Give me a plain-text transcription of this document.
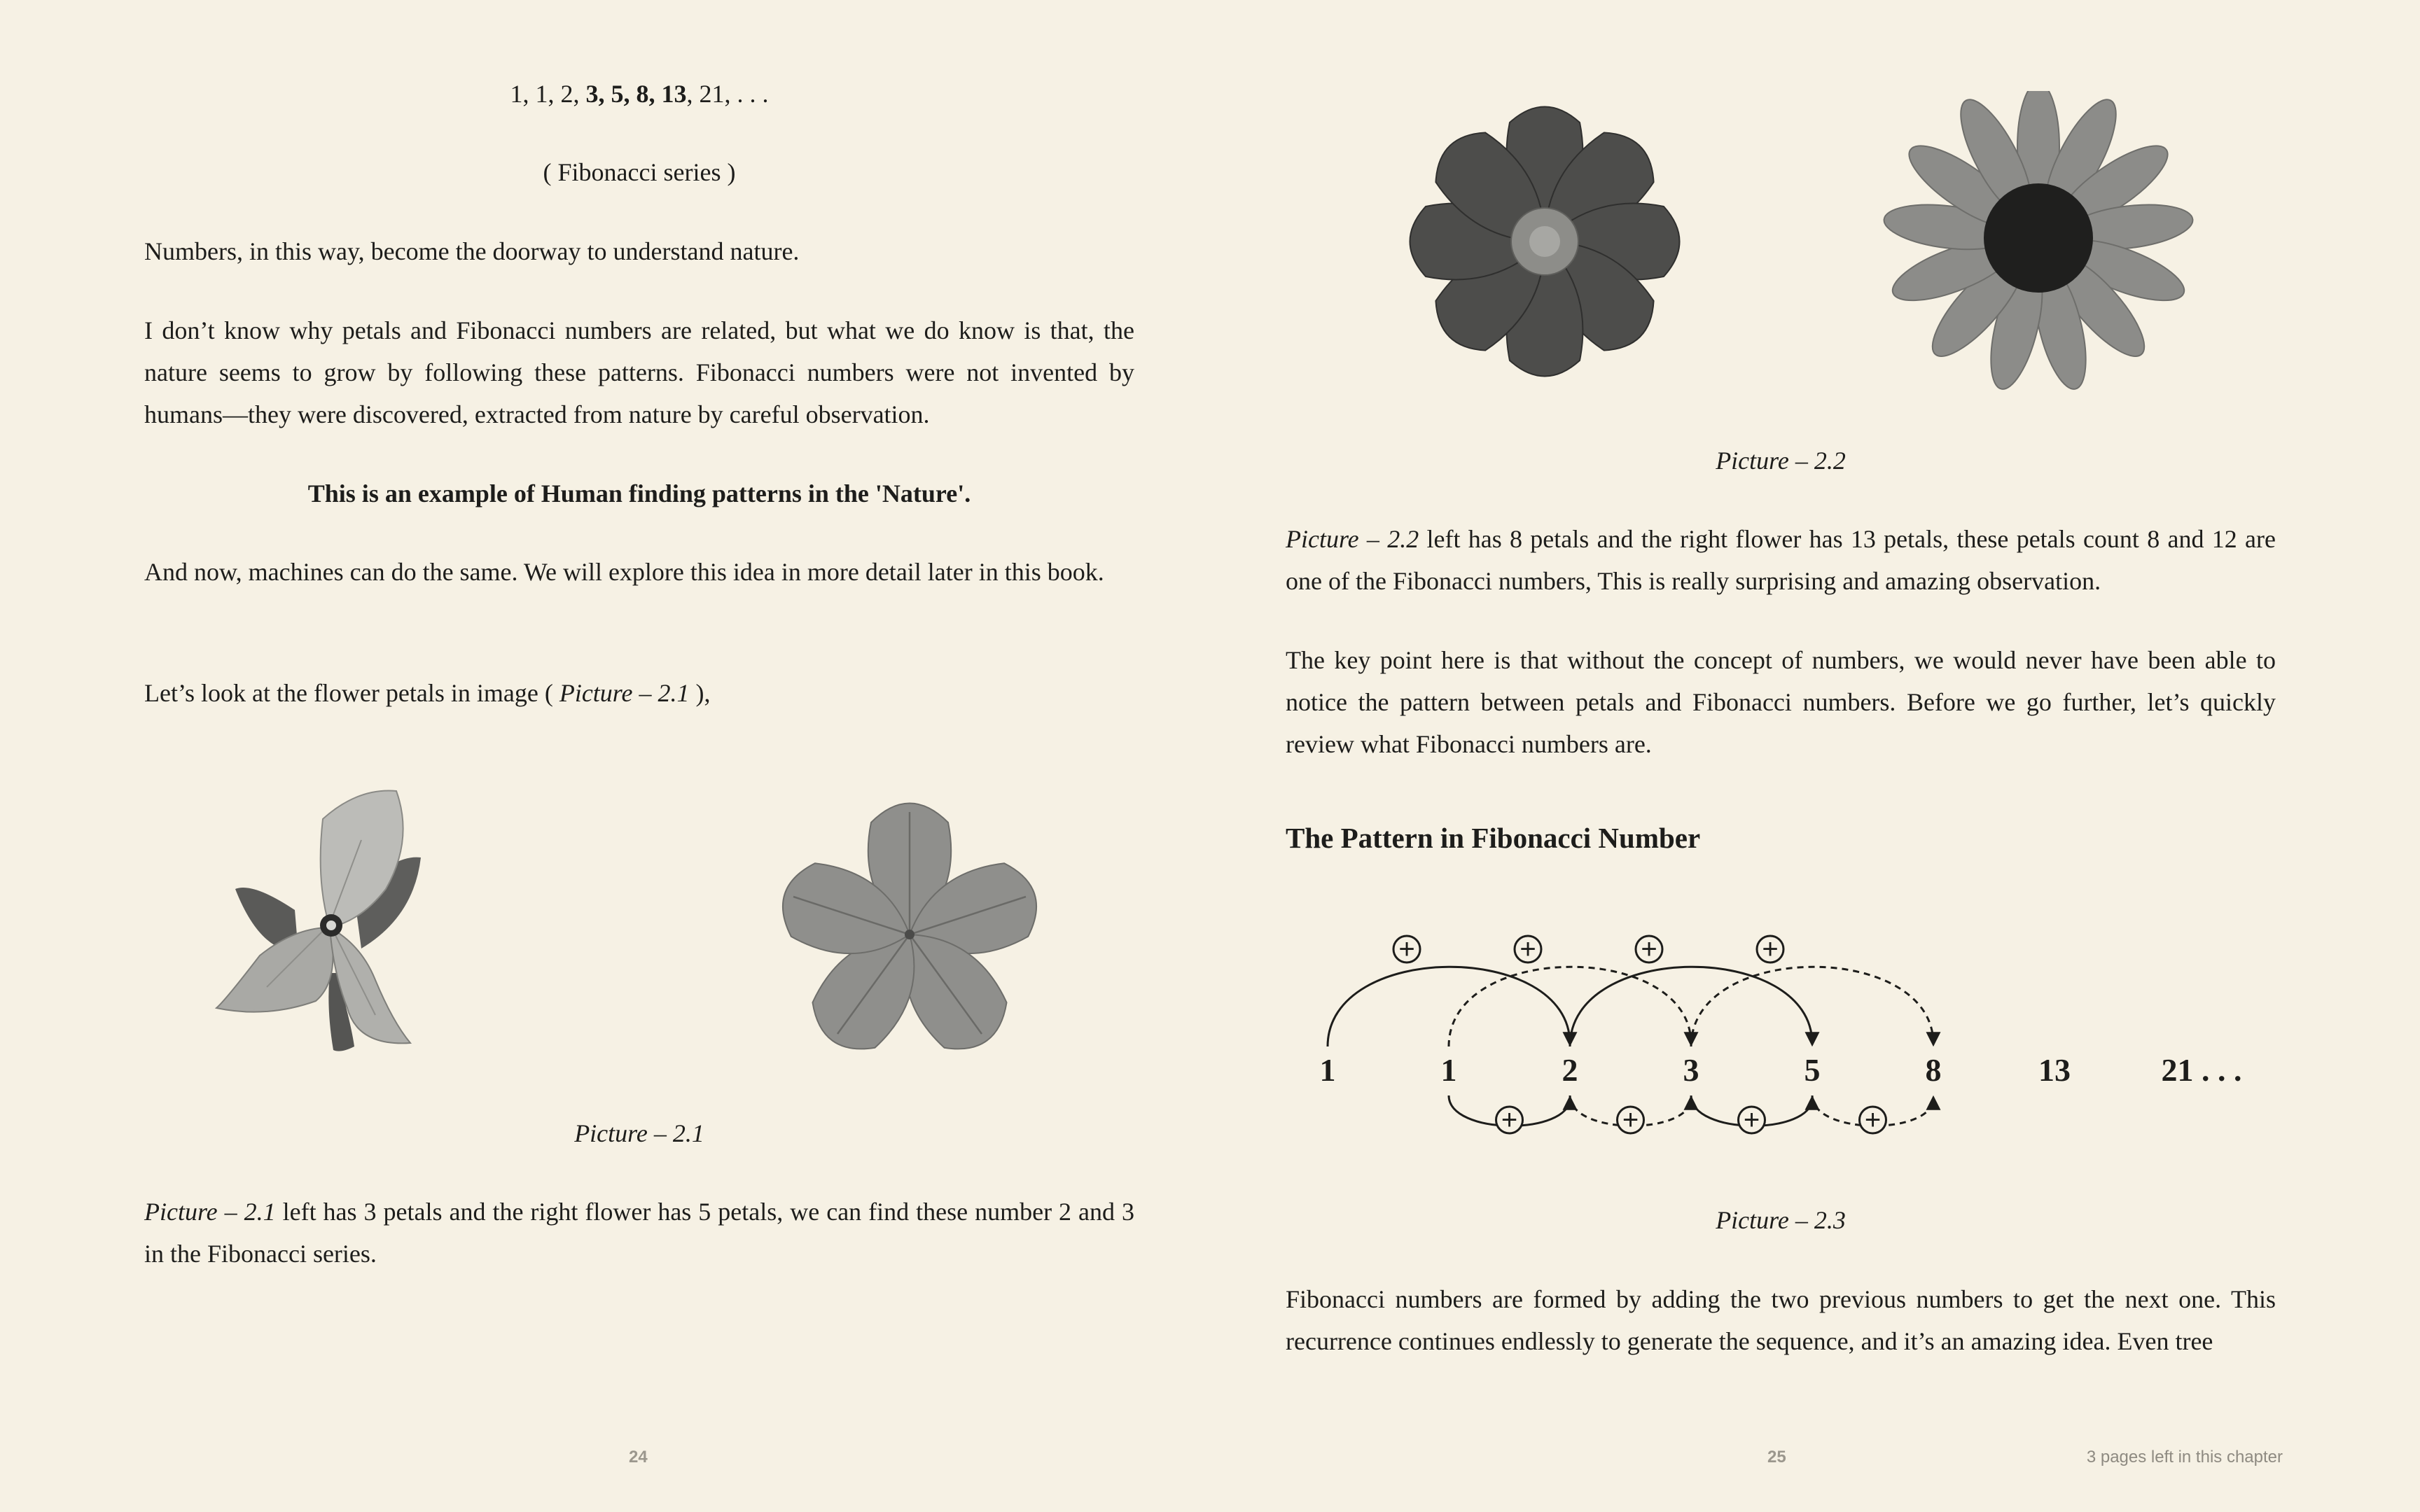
1, 1, 2, 3, 5, 8, 13, 21, . . .

( Fibonacci series )

Numbers, in this way, become the doorway to understand nature.

I don’t know why petals and Fibonacci numbers are related, but what we do know is that, the nature seems to grow by following these patterns. Fibonacci numbers were not invented by humans—they were discovered, extracted from nature by careful observation.

This is an example of Human finding patterns in the 'Nature'.

And now, machines can do the same. We will explore this idea in more detail later in this book.

Let’s look at the flower petals in image ( Picture – 2.1 ),

Picture – 2.1

Picture – 2.1 left has 3 petals and the right flower has 5 petals, we can find these number 2 and 3 in the Fibonacci series.

24

Picture – 2.2

Picture – 2.2 left has 8 petals and the right flower has 13 petals, these petals count 8 and 12 are one of the Fibonacci numbers, This is really surprising and amazing observation.

The key point here is that without the concept of numbers, we would never have been able to notice the pattern between petals and Fibonacci numbers. Before we go further, let’s quickly review what Fibonacci numbers are.

The Pattern in Fibonacci Number

+	+	+	+
+	+	+	+
1	1	2	3	5	8	13	21 . . .

Picture – 2.3

Fibonacci numbers are formed by adding the two previous numbers to get the next one. This recurrence continues endlessly to generate the sequence, and it’s an amazing idea. Even tree

25	3 pages left in this chapter
